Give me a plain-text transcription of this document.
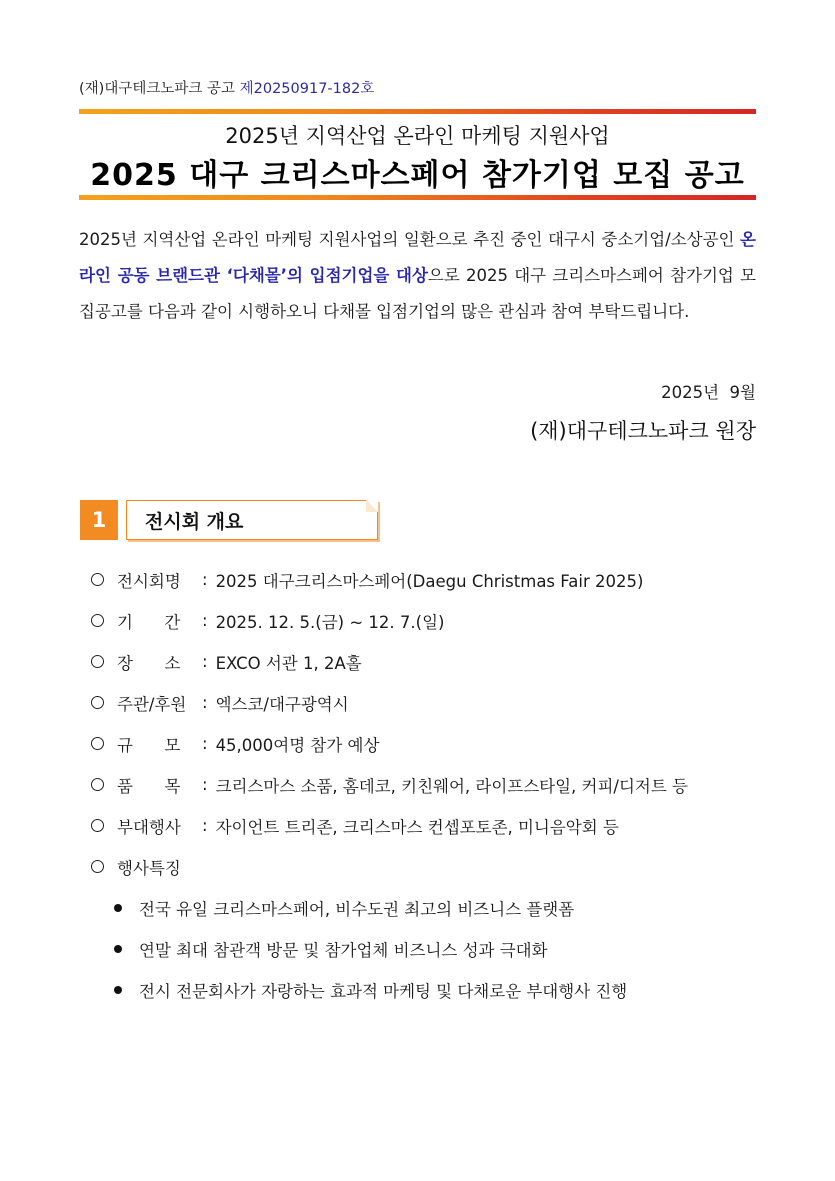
(재)대구테크노파크 공고 제20250917-182호
2025년 지역산업 온라인 마케팅 지원사업
2025 대구 크리스마스페어 참가기업 모집 공고
2025년 지역산업 온라인 마케팅 지원사업의 일환으로 추진 중인 대구시 중소기업/소상공인 온라인 공동 브랜드관 ‘다채몰’의 입점기업을 대상으로 2025 대구 크리스마스페어 참가기업 모집공고를 다음과 같이 시행하오니 다채몰 입점기업의 많은 관심과 참여 부탁드립니다.
2025년  9월
(재)대구테크노파크 원장
1	전시회 개요
전시회명	: 2025 대구크리스마스페어(Daegu Christmas Fair 2025)
기      간	: 2025. 12. 5.(금) ~ 12. 7.(일)
장      소	: EXCO 서관 1, 2A홀
주관/후원 : 엑스코/대구광역시
규      모	: 45,000여명 참가 예상
품      목	: 크리스마스 소품, 홈데코, 키친웨어, 라이프스타일, 커피/디저트 등
부대행사	: 자이언트 트리존, 크리스마스 컨셉포토존, 미니음악회 등
행사특징
전국 유일 크리스마스페어, 비수도권 최고의 비즈니스 플랫폼
연말 최대 참관객 방문 및 참가업체 비즈니스 성과 극대화
전시 전문회사가 자랑하는 효과적 마케팅 및 다채로운 부대행사 진행
